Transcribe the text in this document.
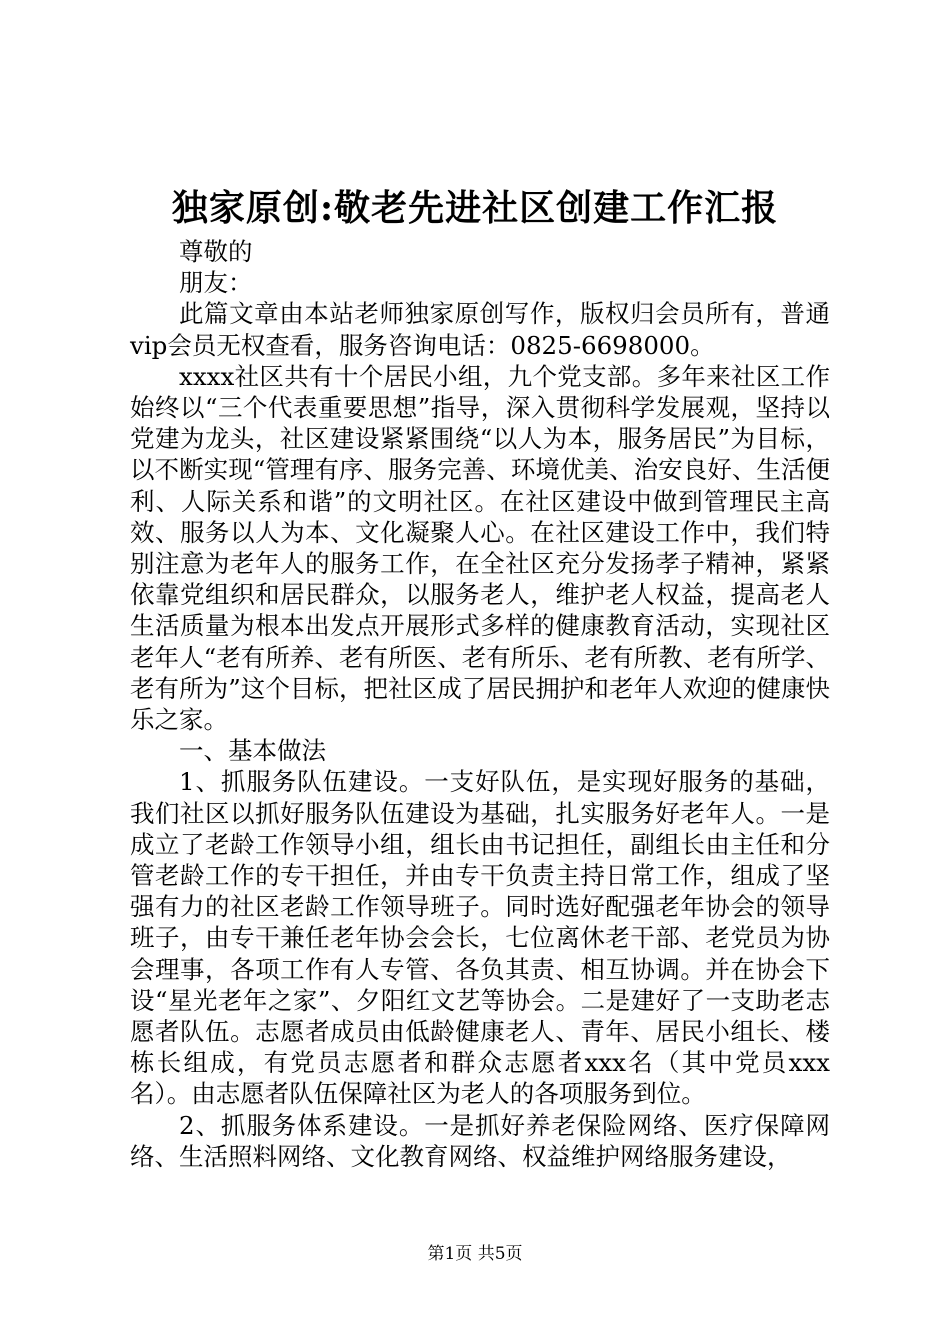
独家原创:敬老先进社区创建工作汇报

尊敬的

朋友：

此篇文章由本站老师独家原创写作，版权归会员所有，普通vip会员无权查看，服务咨询电话：0825-6698000。

xxxx社区共有十个居民小组，九个党支部。多年来社区工作始终以“三个代表重要思想”指导，深入贯彻科学发展观，坚持以党建为龙头，社区建设紧紧围绕“以人为本，服务居民”为目标，以不断实现“管理有序、服务完善、环境优美、治安良好、生活便利、人际关系和谐”的文明社区。在社区建设中做到管理民主高效、服务以人为本、文化凝聚人心。在社区建设工作中，我们特别注意为老年人的服务工作，在全社区充分发扬孝子精神，紧紧依靠党组织和居民群众，以服务老人，维护老人权益，提高老人生活质量为根本出发点开展形式多样的健康教育活动，实现社区老年人“老有所养、老有所医、老有所乐、老有所教、老有所学、老有所为”这个目标，把社区成了居民拥护和老年人欢迎的健康快乐之家。

一、基本做法

1、抓服务队伍建设。一支好队伍，是实现好服务的基础，我们社区以抓好服务队伍建设为基础，扎实服务好老年人。一是成立了老龄工作领导小组，组长由书记担任，副组长由主任和分管老龄工作的专干担任，并由专干负责主持日常工作，组成了坚强有力的社区老龄工作领导班子。同时选好配强老年协会的领导班子，由专干兼任老年协会会长，七位离休老干部、老党员为协会理事，各项工作有人专管、各负其责、相互协调。并在协会下设“星光老年之家”、夕阳红文艺等协会。二是建好了一支助老志愿者队伍。志愿者成员由低龄健康老人、青年、居民小组长、楼栋长组成，有党员志愿者和群众志愿者xxx名（其中党员xxx名）。由志愿者队伍保障社区为老人的各项服务到位。

2、抓服务体系建设。一是抓好养老保险网络、医疗保障网络、生活照料网络、文化教育网络、权益维护网络服务建设，

第1页 共5页
